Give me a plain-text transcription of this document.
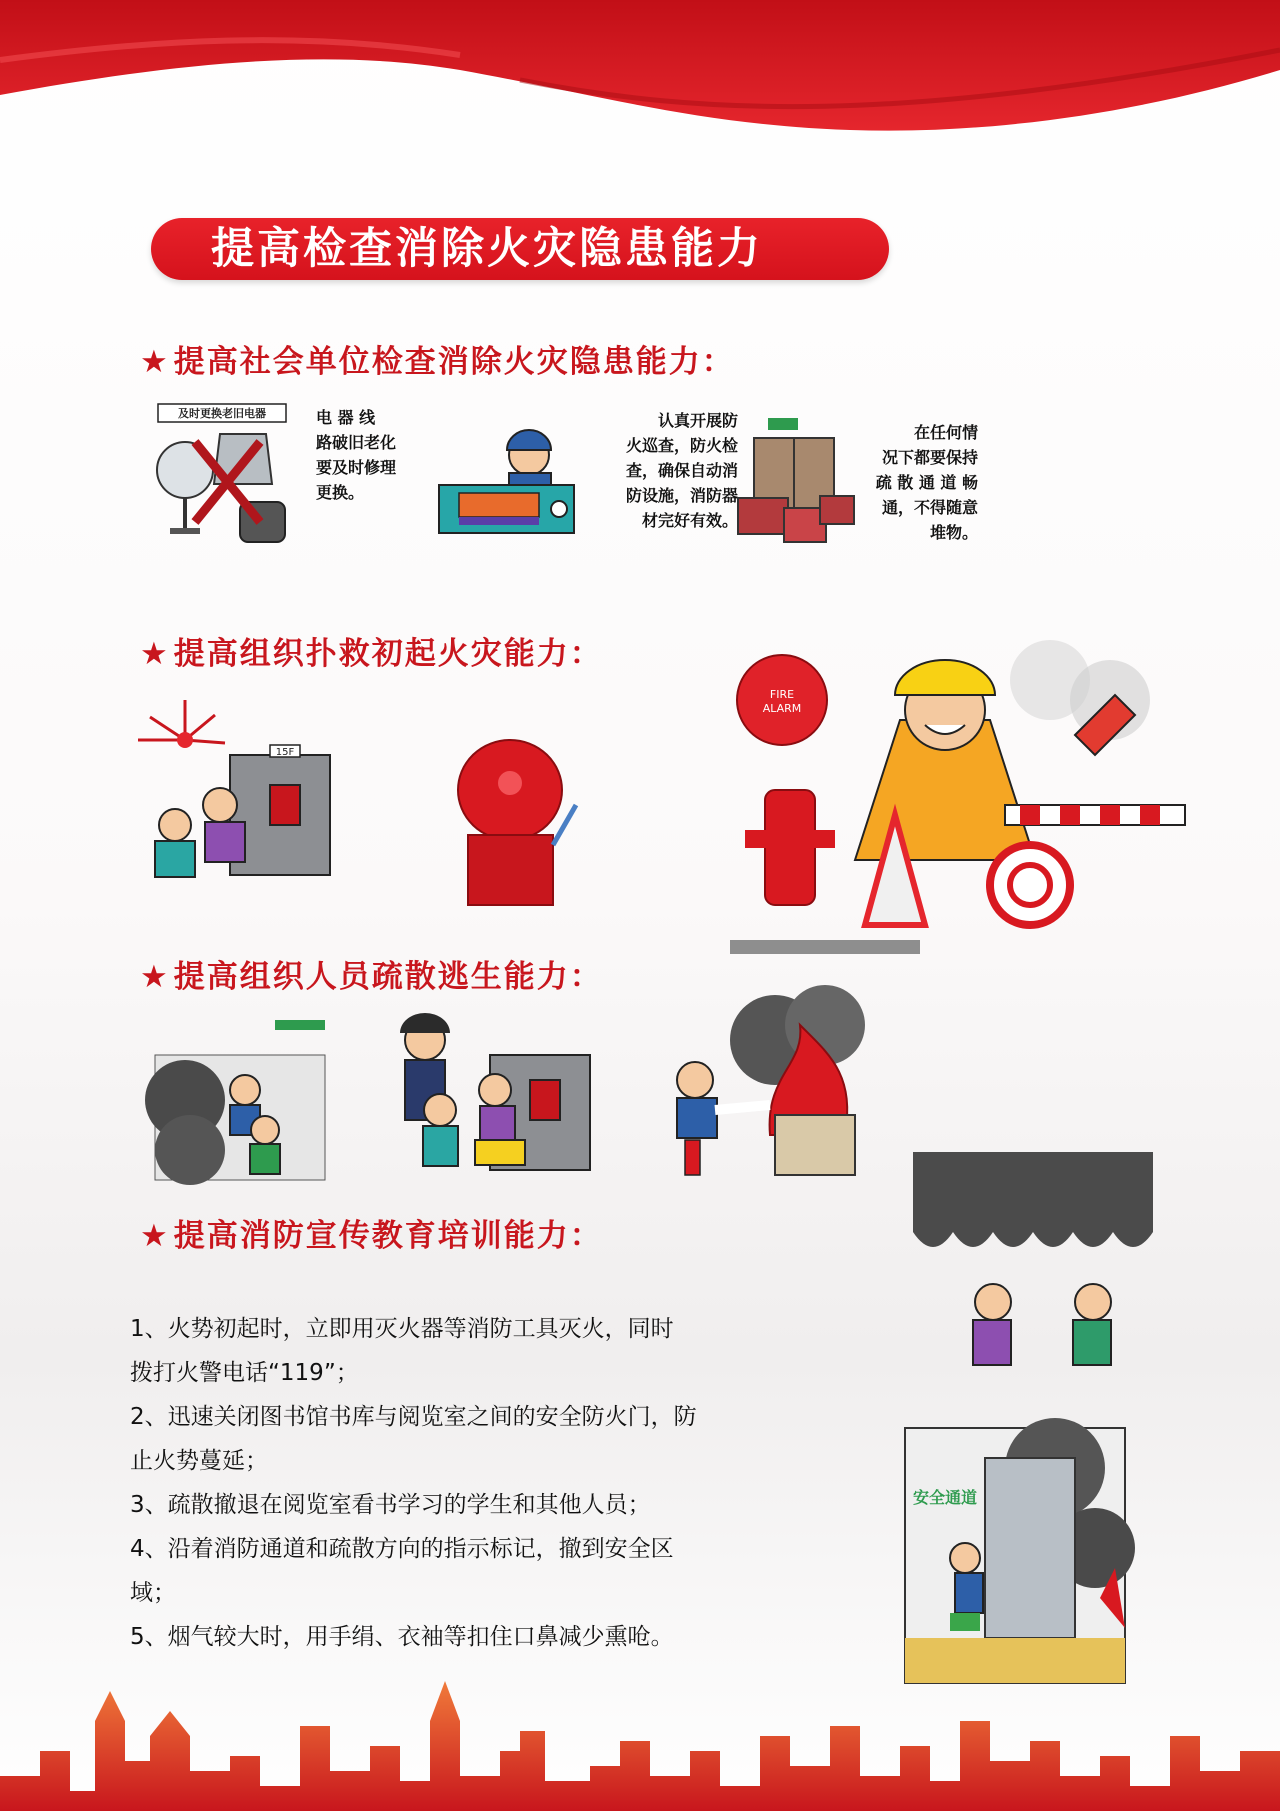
提高检查消除火灾隐患能力
★ 提高社会单位检查消除火灾隐患能力：
★ 提高组织扑救初起火灾能力：
★ 提高组织人员疏散逃生能力：
★ 提高消防宣传教育培训能力：
及时更换老旧电器	电 器 线
路破旧老化
要及时修理
更换。
认真开展防
火巡查，防火检
查，确保自动消
防设施，消防器
材完好有效。
在任何情
况下都要保持
疏 散 通 道 畅
通，不得随意
堆物。
15F
FIRE
ALARM
安全通道
1、火势初起时，立即用灭火器等消防工具灭火，同时
拨打火警电话“119”；
2、迅速关闭图书馆书库与阅览室之间的安全防火门，防
止火势蔓延；
3、疏散撤退在阅览室看书学习的学生和其他人员；
4、沿着消防通道和疏散方向的指示标记，撤到安全区
域；
5、烟气较大时，用手绢、衣袖等扣住口鼻减少熏呛。
